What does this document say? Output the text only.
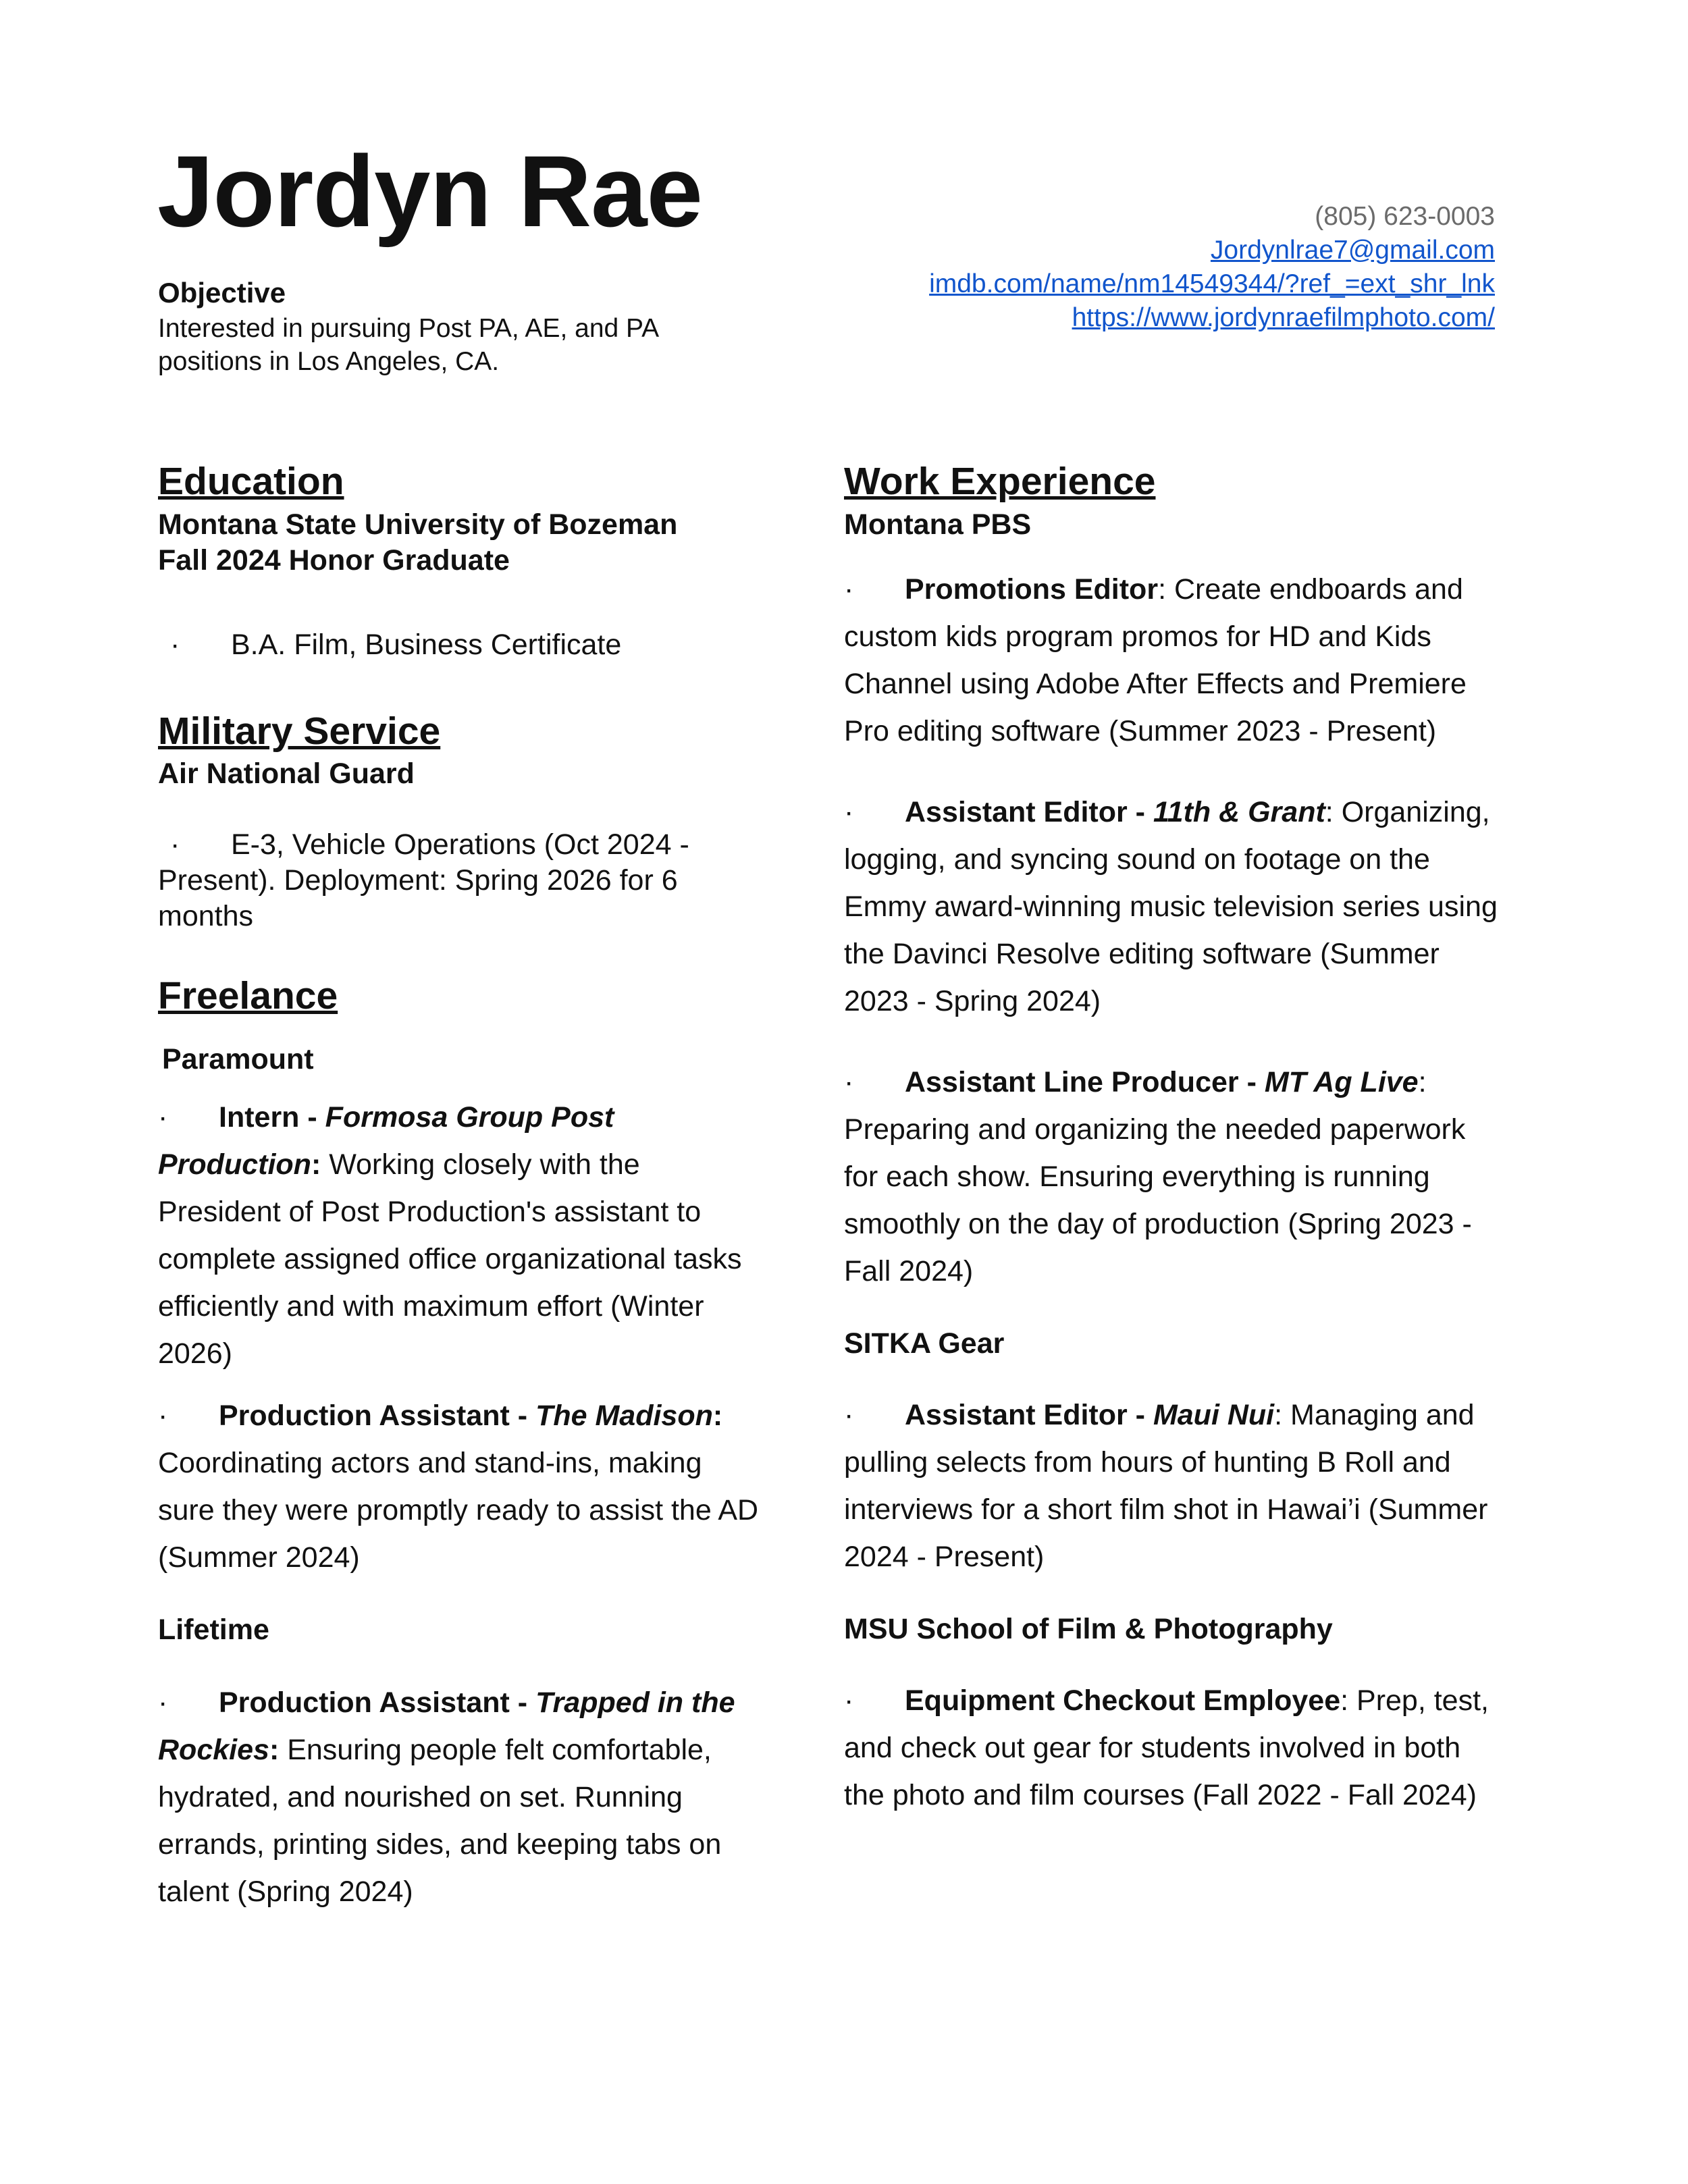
Jordyn Rae	(805) 623-0003
Jordynlrae7@gmail.com
imdb.com/name/nm14549344/?ref_=ext_shr_lnk
https://www.jordynraefilmphoto.com/
Objective
Interested in pursuing Post PA, AE, and PA positions in Los Angeles, CA.
Education
Montana State University of Bozeman
Fall 2024 Honor Graduate
· B.A. Film, Business Certificate
Military Service
Air National Guard
· E-3, Vehicle Operations (Oct 2024 - Present). Deployment: Spring 2026 for 6 months
Freelance
Paramount
· Intern - Formosa Group Post Production: Working closely with the President of Post Production's assistant to complete assigned office organizational tasks efficiently and with maximum effort (Winter 2026)
· Production Assistant - The Madison: Coordinating actors and stand-ins, making sure they were promptly ready to assist the AD (Summer 2024)
Lifetime
· Production Assistant - Trapped in the Rockies: Ensuring people felt comfortable, hydrated, and nourished on set. Running errands, printing sides, and keeping tabs on talent (Spring 2024)
Work Experience
Montana PBS
· Promotions Editor: Create endboards and custom kids program promos for HD and Kids Channel using Adobe After Effects and Premiere Pro editing software (Summer 2023 - Present)
· Assistant Editor - 11th & Grant: Organizing, logging, and syncing sound on footage on the Emmy award-winning music television series using the Davinci Resolve editing software (Summer 2023 - Spring 2024)
· Assistant Line Producer - MT Ag Live: Preparing and organizing the needed paperwork for each show. Ensuring everything is running smoothly on the day of production (Spring 2023 - Fall 2024)
SITKA Gear
· Assistant Editor - Maui Nui: Managing and pulling selects from hours of hunting B Roll and interviews for a short film shot in Hawai’i (Summer 2024 - Present)
MSU School of Film & Photography
· Equipment Checkout Employee: Prep, test, and check out gear for students involved in both the photo and film courses (Fall 2022 - Fall 2024)
